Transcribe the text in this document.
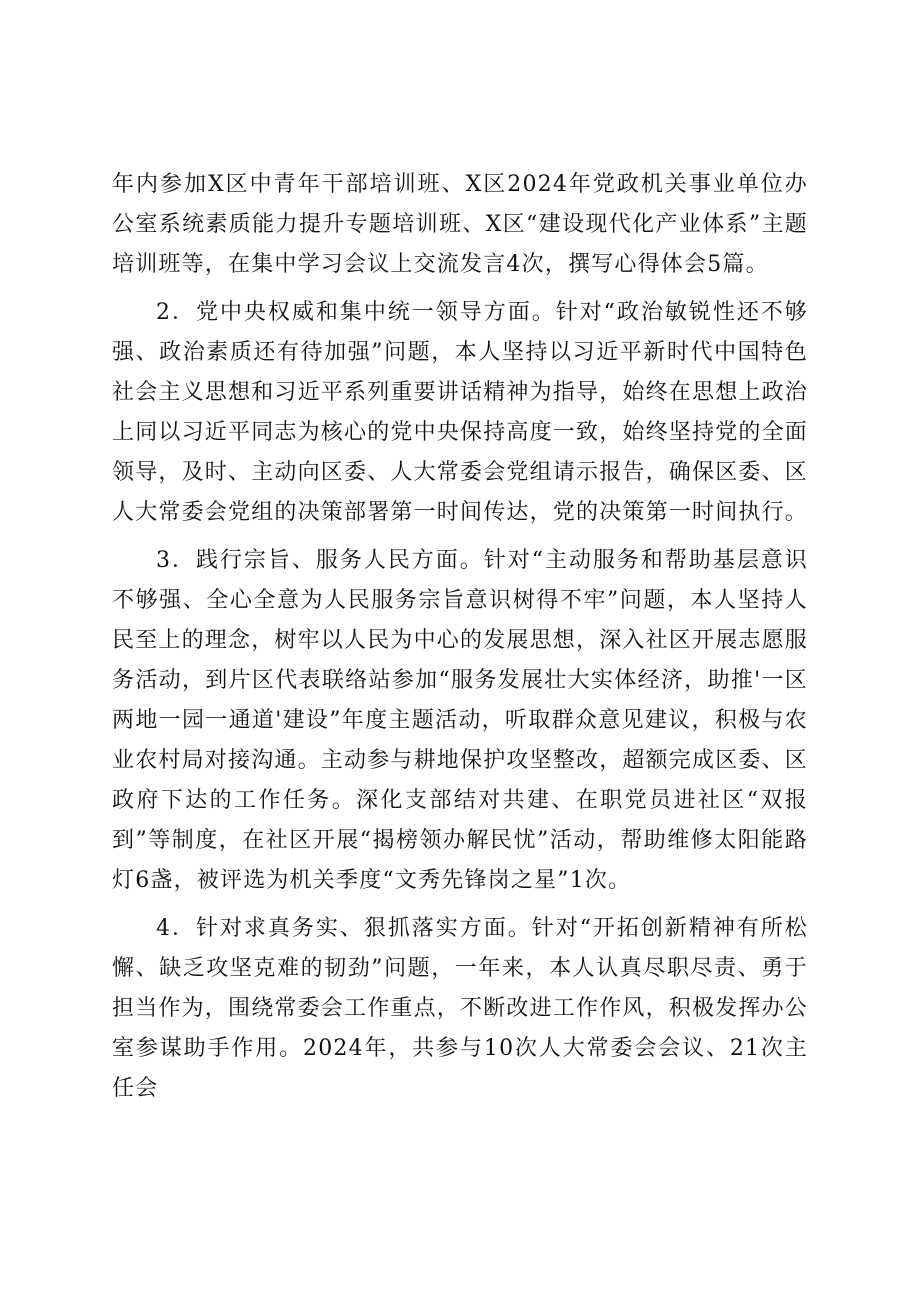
年内参加X区中青年干部培训班、X区2024年党政机关事业单位办公室系统素质能力提升专题培训班、X区“建设现代化产业体系”主题培训班等，在集中学习会议上交流发言4次，撰写心得体会5篇。

2．党中央权威和集中统一领导方面。针对“政治敏锐性还不够强、政治素质还有待加强”问题，本人坚持以习近平新时代中国特色社会主义思想和习近平系列重要讲话精神为指导，始终在思想上政治上同以习近平同志为核心的党中央保持高度一致，始终坚持党的全面领导，及时、主动向区委、人大常委会党组请示报告，确保区委、区人大常委会党组的决策部署第一时间传达，党的决策第一时间执行。

3．践行宗旨、服务人民方面。针对“主动服务和帮助基层意识不够强、全心全意为人民服务宗旨意识树得不牢”问题，本人坚持人民至上的理念，树牢以人民为中心的发展思想，深入社区开展志愿服务活动，到片区代表联络站参加“服务发展壮大实体经济，助推'一区两地一园一通道'建设”年度主题活动，听取群众意见建议，积极与农业农村局对接沟通。主动参与耕地保护攻坚整改，超额完成区委、区政府下达的工作任务。深化支部结对共建、在职党员进社区“双报到”等制度，在社区开展“揭榜领办解民忧”活动，帮助维修太阳能路灯6盏，被评选为机关季度“文秀先锋岗之星”1次。

4．针对求真务实、狠抓落实方面。针对“开拓创新精神有所松懈、缺乏攻坚克难的韧劲”问题，一年来，本人认真尽职尽责、勇于担当作为，围绕常委会工作重点，不断改进工作作风，积极发挥办公室参谋助手作用。2024年，共参与10次人大常委会会议、21次主任会
